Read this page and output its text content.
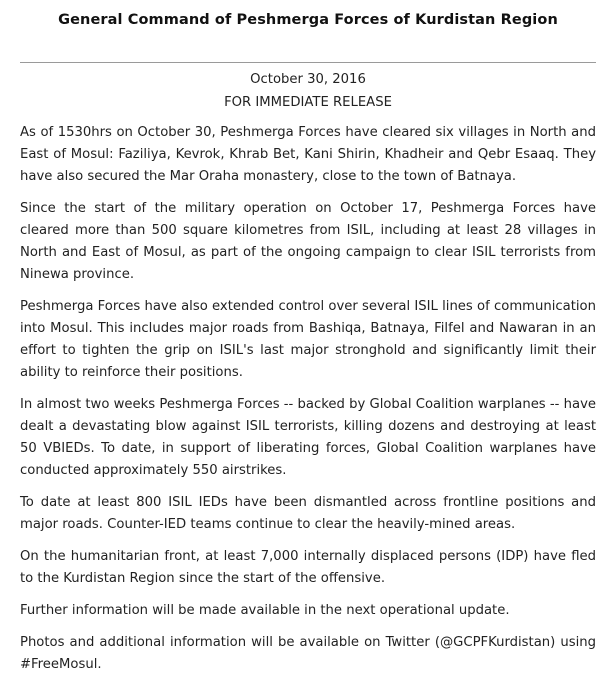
General Command of Peshmerga Forces of Kurdistan Region
October 30, 2016
FOR IMMEDIATE RELEASE

As of 1530hrs on October 30, Peshmerga Forces have cleared six villages in North and East of Mosul: Faziliya, Kevrok, Khrab Bet, Kani Shirin, Khadheir and Qebr Esaaq. They have also secured the Mar Oraha monastery, close to the town of Batnaya.

Since the start of the military operation on October 17, Peshmerga Forces have cleared more than 500 square kilometres from ISIL, including at least 28 villages in North and East of Mosul, as part of the ongoing campaign to clear ISIL terrorists from Ninewa province.

Peshmerga Forces have also extended control over several ISIL lines of communication into Mosul. This includes major roads from Bashiqa, Batnaya, Filfel and Nawaran in an effort to tighten the grip on ISIL's last major stronghold and significantly limit their ability to reinforce their positions.

In almost two weeks Peshmerga Forces -- backed by Global Coalition warplanes -- have dealt a devastating blow against ISIL terrorists, killing dozens and destroying at least 50 VBIEDs. To date, in support of liberating forces, Global Coalition warplanes have conducted approximately 550 airstrikes.

To date at least 800 ISIL IEDs have been dismantled across frontline positions and major roads. Counter-IED teams continue to clear the heavily-mined areas.

On the humanitarian front, at least 7,000 internally displaced persons (IDP) have fled to the Kurdistan Region since the start of the offensive.

Further information will be made available in the next operational update.

Photos and additional information will be available on Twitter (@GCPFKurdistan) using #FreeMosul.
